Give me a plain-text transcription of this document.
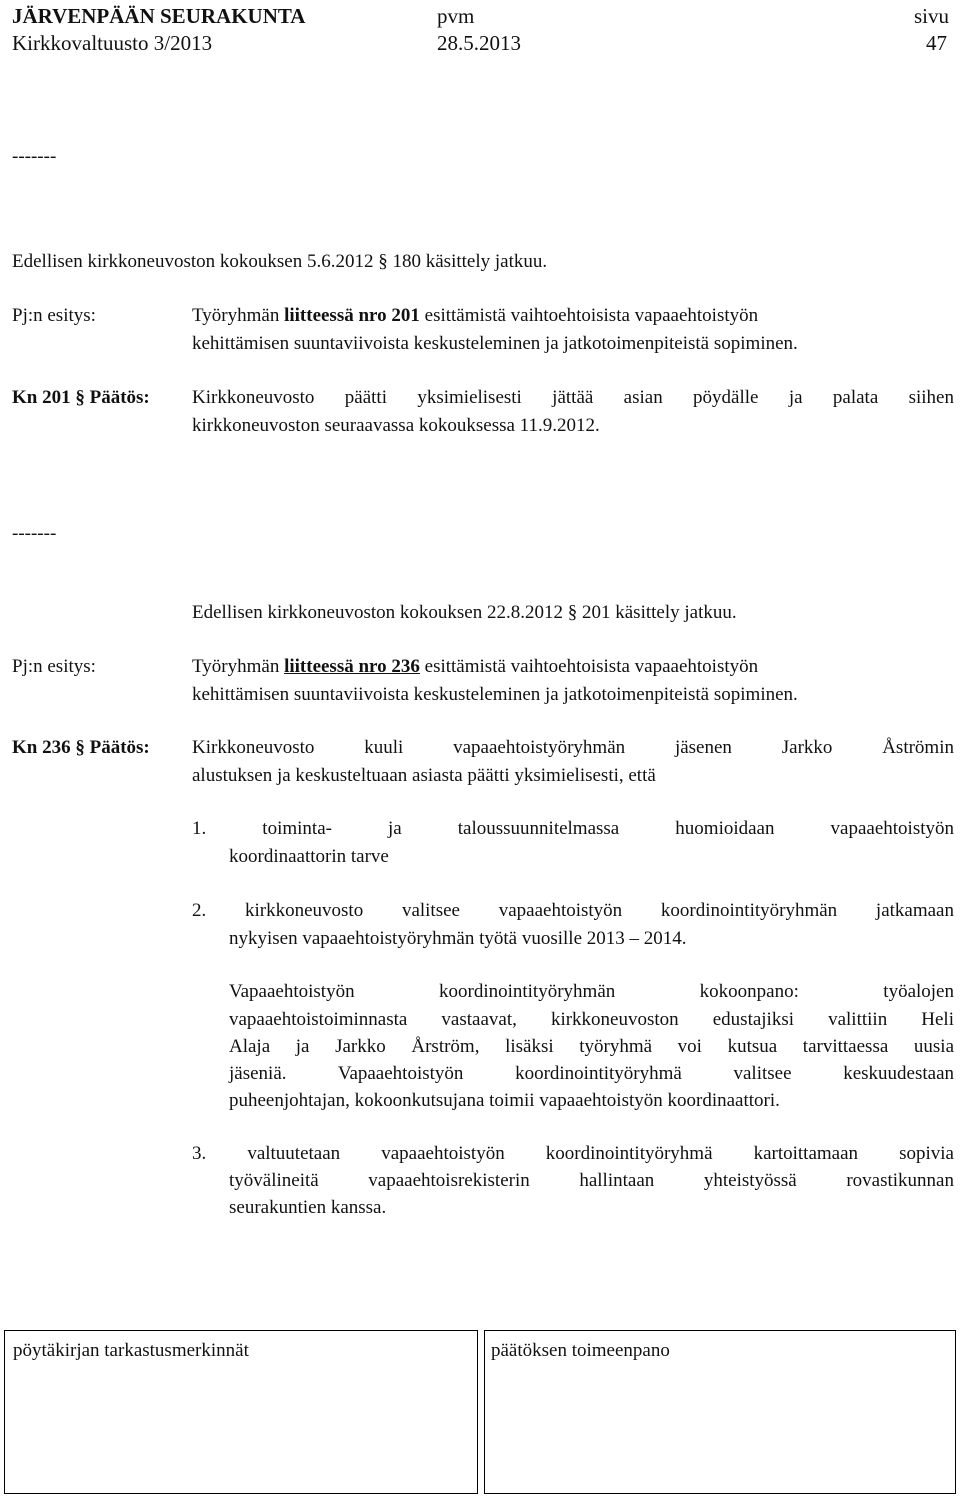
JÄRVENPÄÄN SEURAKUNTA
Kirkkovaltuusto 3/2013
pvm
28.5.2013
sivu
47
-------
Edellisen kirkkoneuvoston kokouksen 5.6.2012 § 180 käsittely jatkuu.
Pj:n esitys:	Työryhmän liitteessä nro 201 esittämistä vaihtoehtoisista vapaaehtoistyön
kehittämisen suuntaviivoista keskusteleminen ja jatkotoimenpiteistä sopiminen.
Kn 201 § Päätös: Kirkkoneuvosto päätti yksimielisesti jättää asian pöydälle ja palata siihen
kirkkoneuvoston seuraavassa kokouksessa 11.9.2012.
-------
Edellisen kirkkoneuvoston kokouksen 22.8.2012 § 201 käsittely jatkuu.
Pj:n esitys:	Työryhmän liitteessä nro 236 esittämistä vaihtoehtoisista vapaaehtoistyön
kehittämisen suuntaviivoista keskusteleminen ja jatkotoimenpiteistä sopiminen.
Kn 236 § Päätös: Kirkkoneuvosto kuuli vapaaehtoistyöryhmän jäsenen Jarkko Åströmin
alustuksen ja keskusteltuaan asiasta päätti yksimielisesti, että
1. toiminta- ja taloussuunnitelmassa huomioidaan vapaaehtoistyön
koordinaattorin tarve
2. kirkkoneuvosto valitsee vapaaehtoistyön koordinointityöryhmän jatkamaan
nykyisen vapaaehtoistyöryhmän työtä vuosille 2013 – 2014.
Vapaaehtoistyön koordinointityöryhmän kokoonpano: työalojen
vapaaehtoistoiminnasta vastaavat, kirkkoneuvoston edustajiksi valittiin Heli
Alaja ja Jarkko Årström, lisäksi työryhmä voi kutsua tarvittaessa uusia
jäseniä. Vapaaehtoistyön koordinointityöryhmä valitsee keskuudestaan
puheenjohtajan, kokoonkutsujana toimii vapaaehtoistyön koordinaattori.
3. valtuutetaan vapaaehtoistyön koordinointityöryhmä kartoittamaan sopivia
työvälineitä vapaaehtoisrekisterin hallintaan yhteistyössä rovastikunnan
seurakuntien kanssa.
pöytäkirjan tarkastusmerkinnät	päätöksen toimeenpano
